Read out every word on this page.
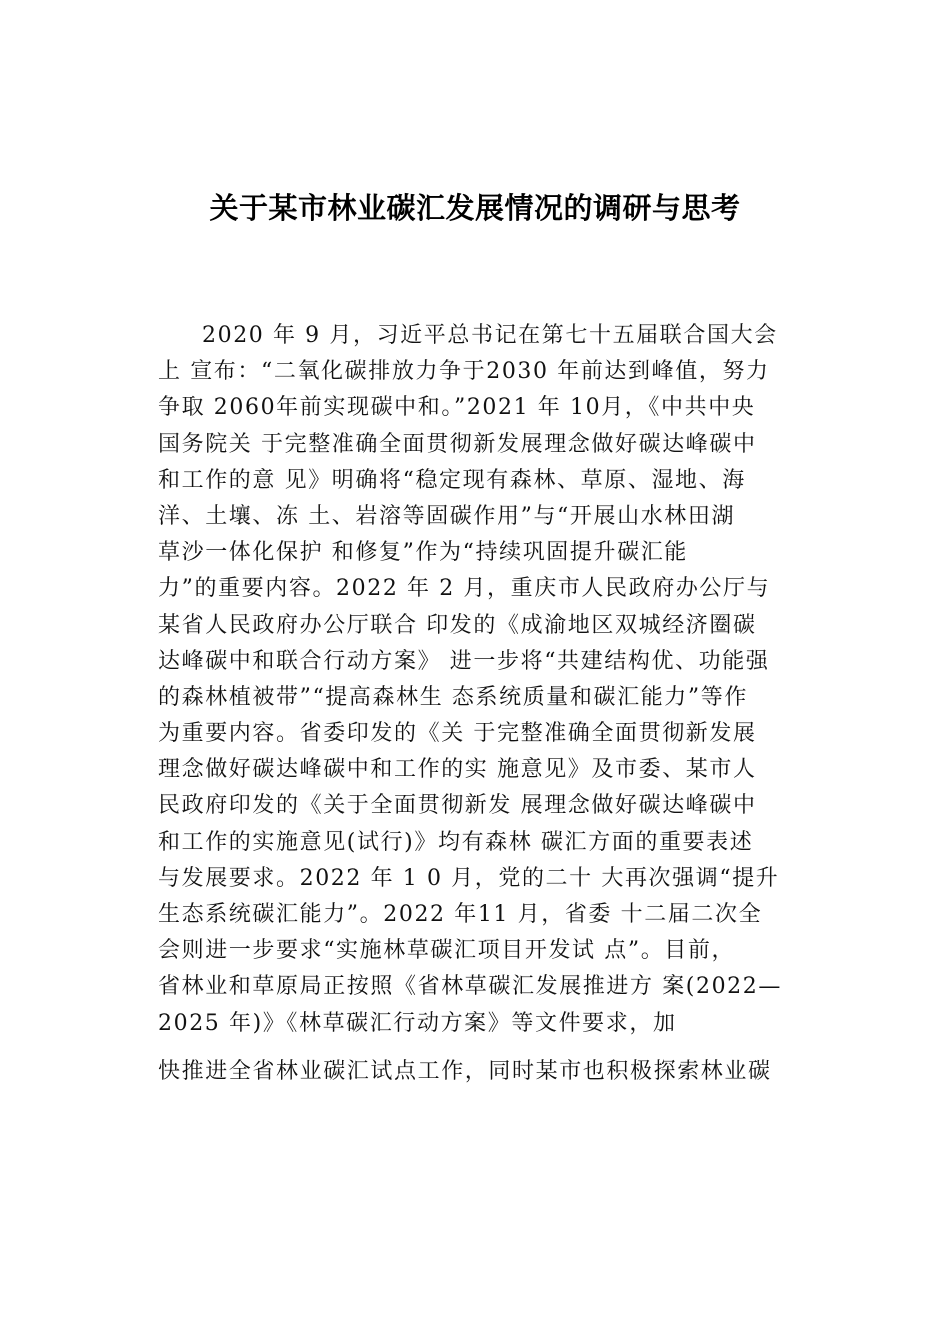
关于某市林业碳汇发展情况的调研与思考
2020 年 9 月，习近平总书记在第七十五届联合国大会
上 宣布：“二氧化碳排放力争于2030 年前达到峰值，努力
争取 2060年前实现碳中和。”2021 年 10月，《中共中央
国务院关 于完整准确全面贯彻新发展理念做好碳达峰碳中
和工作的意 见》明确将“稳定现有森林、草原、湿地、海
洋、土壤、冻 土、岩溶等固碳作用”与“开展山水林田湖
草沙一体化保护 和修复”作为“持续巩固提升碳汇能
力”的重要内容。2022 年 2 月，重庆市人民政府办公厅与
某省人民政府办公厅联合 印发的《成渝地区双城经济圈碳
达峰碳中和联合行动方案》 进一步将“共建结构优、功能强
的森林植被带”“提高森林生 态系统质量和碳汇能力”等作
为重要内容。省委印发的《关 于完整准确全面贯彻新发展
理念做好碳达峰碳中和工作的实 施意见》及市委、某市人
民政府印发的《关于全面贯彻新发 展理念做好碳达峰碳中
和工作的实施意见(试行)》均有森林 碳汇方面的重要表述
与发展要求。2022 年 1 0 月，党的二十 大再次强调“提升
生态系统碳汇能力”。2022 年11 月，省委 十二届二次全
会则进一步要求“实施林草碳汇项目开发试 点”。目前，
省林业和草原局正按照《省林草碳汇发展推进方 案(2022—
2025 年)》《林草碳汇行动方案》等文件要求，加
快推进全省林业碳汇试点工作，同时某市也积极探索林业碳
